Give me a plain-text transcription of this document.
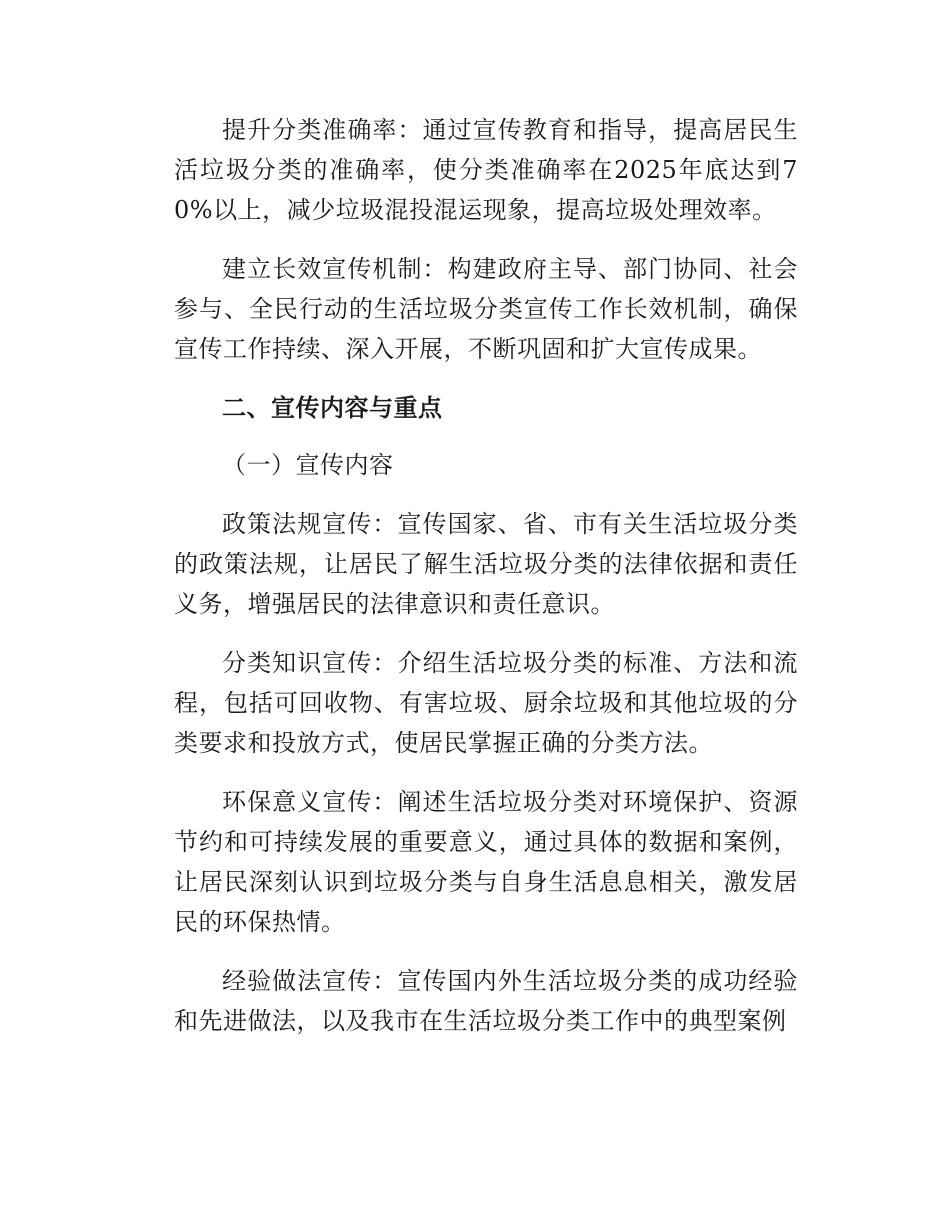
提升分类准确率：通过宣传教育和指导，提高居民生活垃圾分类的准确率，使分类准确率在2025年底达到70%以上，减少垃圾混投混运现象，提高垃圾处理效率。

建立长效宣传机制：构建政府主导、部门协同、社会参与、全民行动的生活垃圾分类宣传工作长效机制，确保宣传工作持续、深入开展，不断巩固和扩大宣传成果。

二、宣传内容与重点

（一）宣传内容

政策法规宣传：宣传国家、省、市有关生活垃圾分类的政策法规，让居民了解生活垃圾分类的法律依据和责任义务，增强居民的法律意识和责任意识。

分类知识宣传：介绍生活垃圾分类的标准、方法和流程，包括可回收物、有害垃圾、厨余垃圾和其他垃圾的分类要求和投放方式，使居民掌握正确的分类方法。

环保意义宣传：阐述生活垃圾分类对环境保护、资源节约和可持续发展的重要意义，通过具体的数据和案例，让居民深刻认识到垃圾分类与自身生活息息相关，激发居民的环保热情。

经验做法宣传：宣传国内外生活垃圾分类的成功经验和先进做法，以及我市在生活垃圾分类工作中的典型案例
